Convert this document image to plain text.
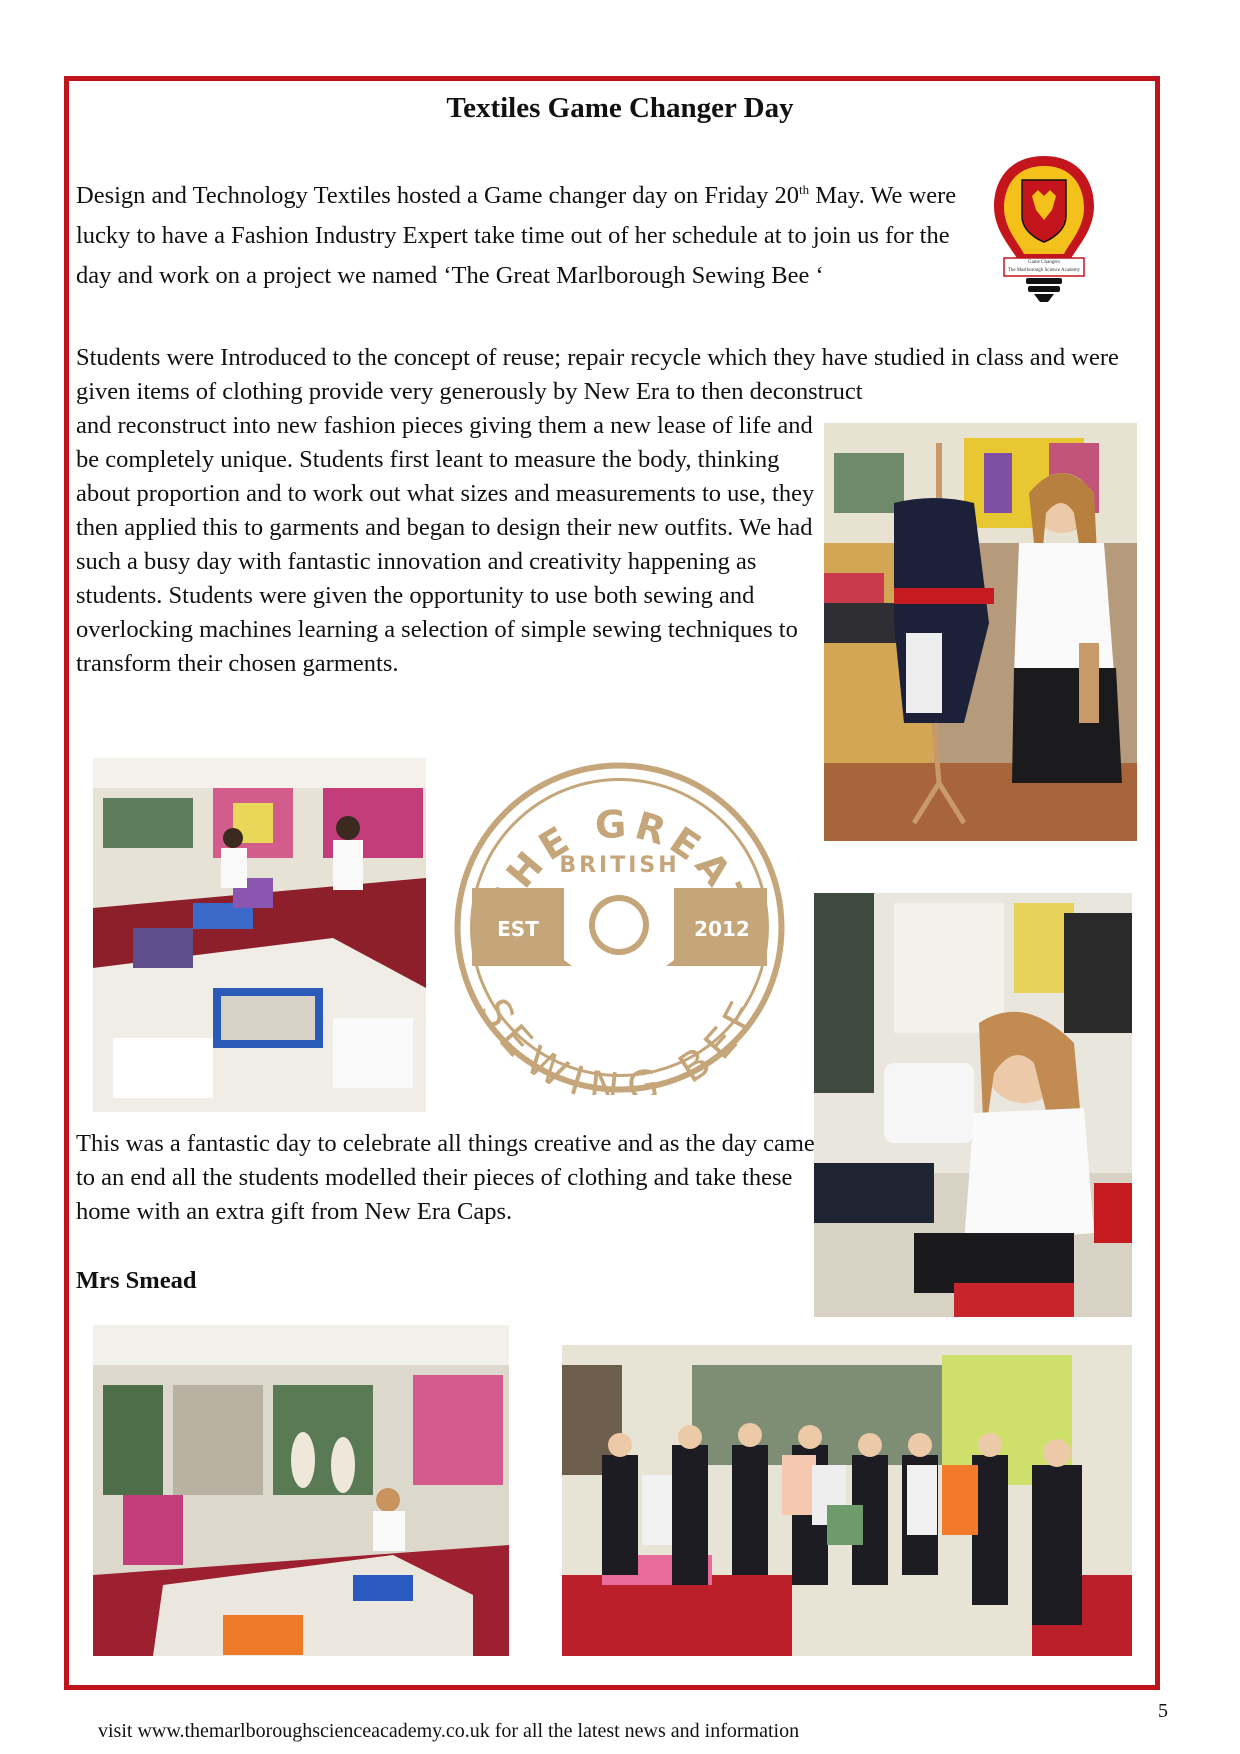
Textiles Game Changer Day

Design and Technology Textiles hosted a Game changer day on Friday 20th May. We were lucky to have a Fashion Industry Expert take time out of her schedule at to join us for the day and work on a project we named ‘The Great Marlborough Sewing Bee ‘	Game Changers
The Marlborough Science Academy

Students were Introduced to the concept of reuse; repair recycle which they have studied in class and were given items of clothing provide very generously by New Era to then deconstruct

and reconstruct into new fashion pieces giving them a new lease of life and be completely unique. Students first leant to measure the body, thinking about proportion and to work out what sizes and measurements to use, they then applied this to garments and began to design their new outfits. We had such a busy day with fantastic innovation and creativity happening as students. Students were given the opportunity to use both sewing and overlocking machines learning a selection of simple sewing techniques to transform their chosen garments.

THE GREAT
BRITISH
EST	2012
SEWING BEE

This was a fantastic day to celebrate all things creative and as the day came to an end all the students modelled their pieces of clothing and take these home with an extra gift from New Era Caps.

Mrs Smead

5

visit www.themarlboroughscienceacademy.co.uk for all the latest news and information
